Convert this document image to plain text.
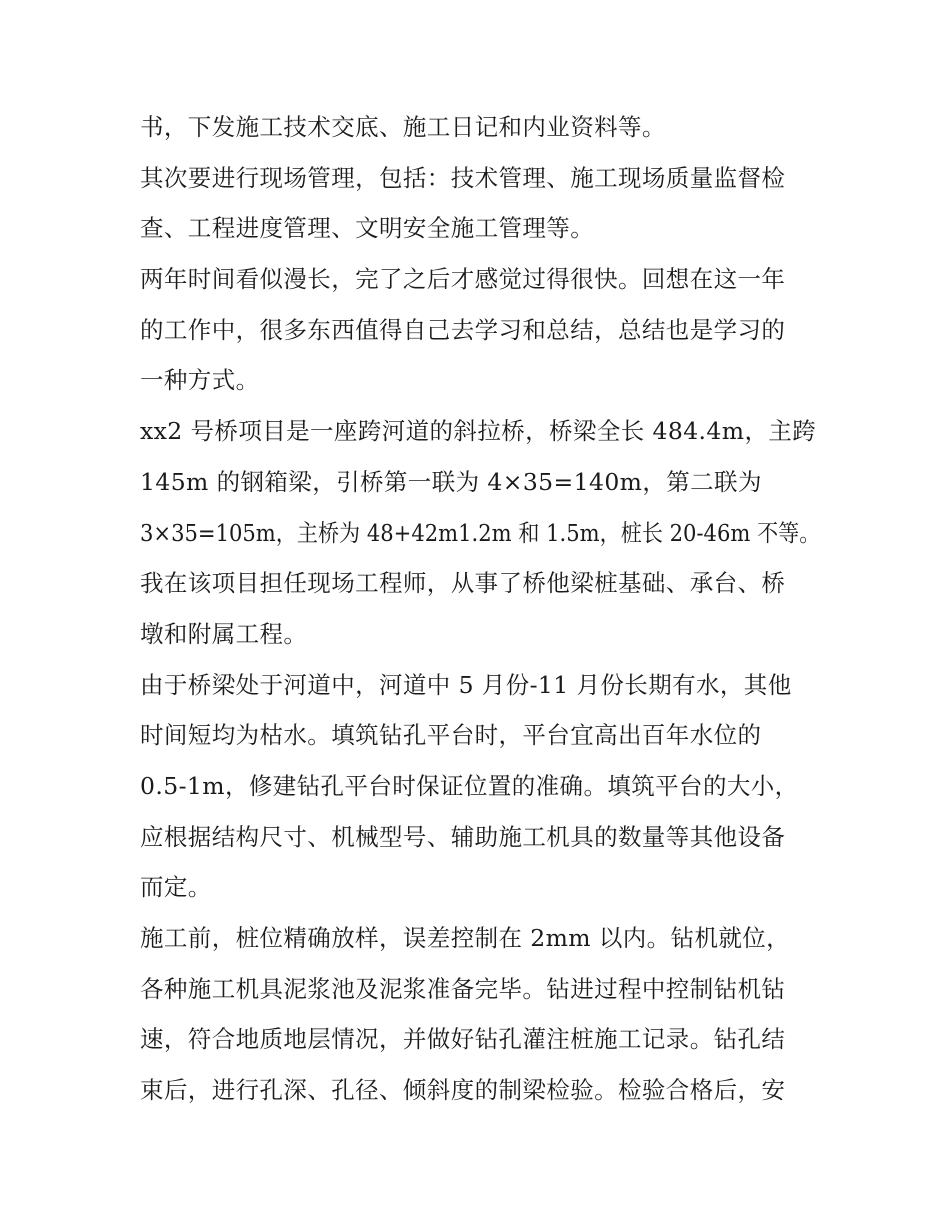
书，下发施工技术交底、施工日记和内业资料等。
其次要进行现场管理，包括：技术管理、施工现场质量监督检
查、工程进度管理、文明安全施工管理等。
两年时间看似漫长，完了之后才感觉过得很快。回想在这一年
的工作中，很多东西值得自己去学习和总结，总结也是学习的
一种方式。
xx2 号桥项目是一座跨河道的斜拉桥，桥梁全长 484.4m，主跨
145m 的钢箱梁，引桥第一联为 4×35=140m，第二联为
3×35=105m，主桥为 48+42m1.2m 和 1.5m，桩长 20-46m 不等。
我在该项目担任现场工程师，从事了桥他梁桩基础、承台、桥
墩和附属工程。
由于桥梁处于河道中，河道中 5 月份-11 月份长期有水，其他
时间短均为枯水。填筑钻孔平台时，平台宜高出百年水位的
0.5-1m，修建钻孔平台时保证位置的准确。填筑平台的大小，
应根据结构尺寸、机械型号、辅助施工机具的数量等其他设备
而定。
施工前，桩位精确放样，误差控制在 2mm 以内。钻机就位，
各种施工机具泥浆池及泥浆准备完毕。钻进过程中控制钻机钻
速，符合地质地层情况，并做好钻孔灌注桩施工记录。钻孔结
束后，进行孔深、孔径、倾斜度的制梁检验。检验合格后，安
